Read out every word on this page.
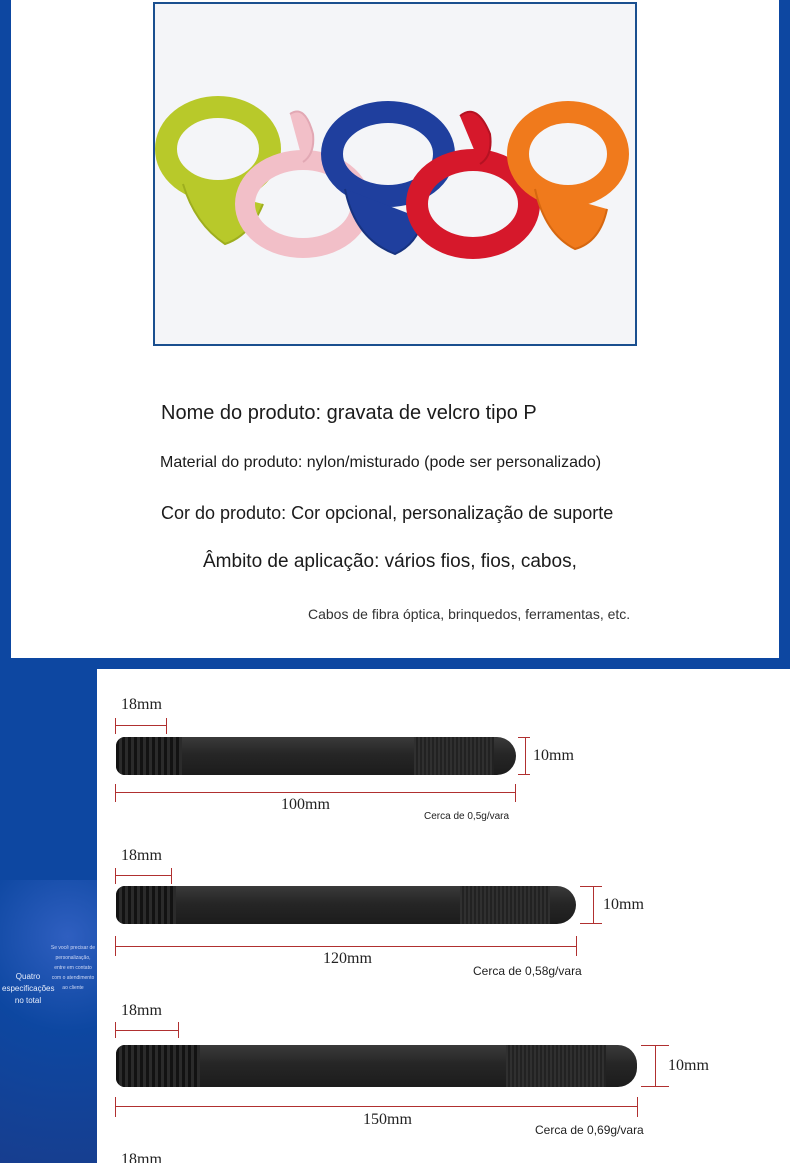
Nome do produto: gravata de velcro tipo P
Material do produto: nylon/misturado (pode ser personalizado)
Cor do produto: Cor opcional, personalização de suporte
Âmbito de aplicação: vários fios, fios, cabos,
Cabos de fibra óptica, brinquedos, ferramentas, etc.
Se você precisar de personalização, entre em contato com o atendimento ao cliente
Quatro especificações no total
18mm
10mm
100mm
Cerca de 0,5g/vara
18mm
10mm
120mm
Cerca de 0,58g/vara
18mm
10mm
150mm
Cerca de 0,69g/vara
18mm
